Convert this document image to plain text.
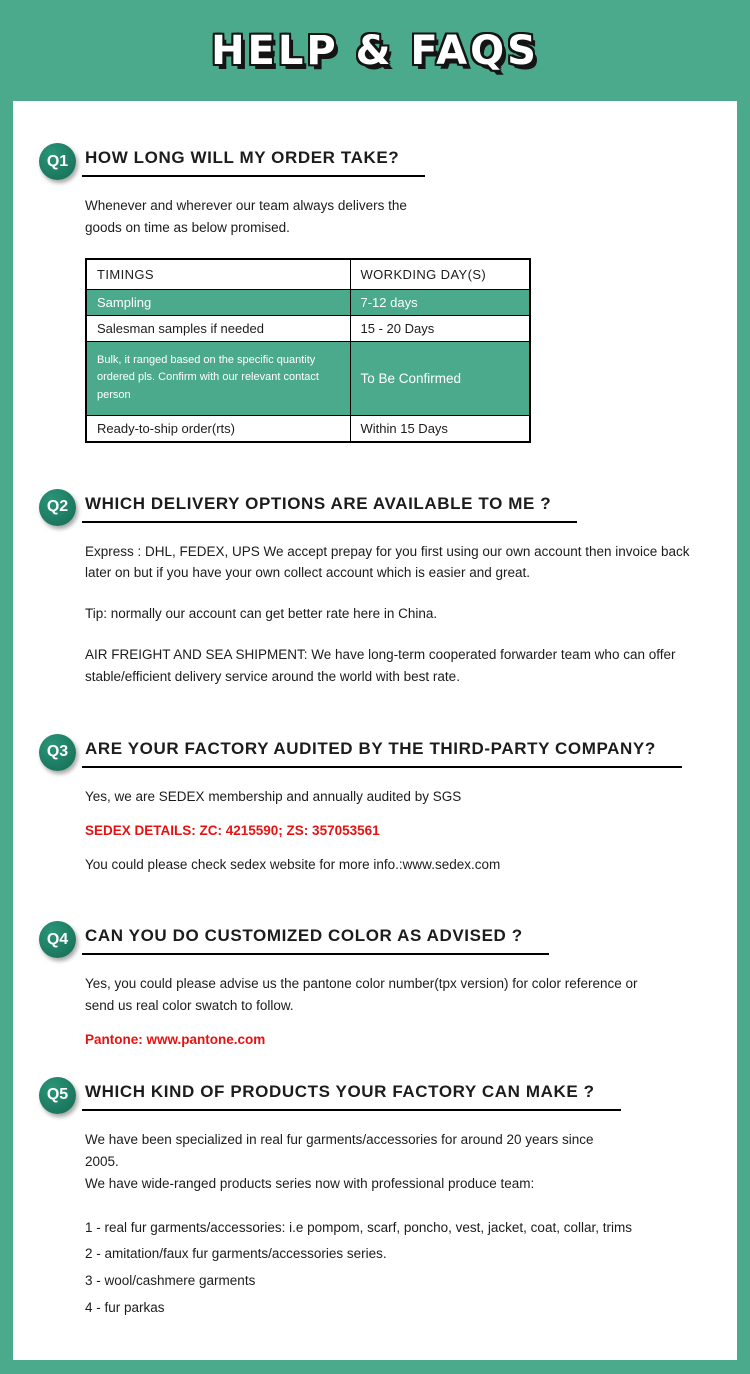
HELP & FAQS
Q1 HOW LONG WILL MY ORDER TAKE?

Whenever and wherever our team always delivers the goods on time as below promised.

TIMINGS	WORKDING DAY(S)
Sampling	7-12 days
Salesman samples if needed	15 - 20 Days
Bulk, it ranged based on the specific quantity ordered pls. Confirm with our relevant contact person	To Be Confirmed
Ready-to-ship order(rts)	Within 15 Days
Q2 WHICH DELIVERY OPTIONS ARE AVAILABLE TO ME ?

Express : DHL, FEDEX, UPS We accept prepay for you first using our own account then invoice back later on but if you have your own collect account which is easier and great.

Tip: normally our account can get better rate here in China.

AIR FREIGHT AND SEA SHIPMENT: We have long-term cooperated forwarder team who can offer stable/efficient delivery service around the world with best rate.

Q3 ARE YOUR FACTORY AUDITED BY THE THIRD-PARTY COMPANY?

Yes, we are SEDEX membership and annually audited by SGS

SEDEX DETAILS: ZC: 4215590; ZS: 357053561

You could please check sedex website for more info.:www.sedex.com

Q4 CAN YOU DO CUSTOMIZED COLOR AS ADVISED ?

Yes, you could please advise us the pantone color number(tpx version) for color reference or send us real color swatch to follow.

Pantone: www.pantone.com

Q5 WHICH KIND OF PRODUCTS YOUR FACTORY CAN MAKE ?

We have been specialized in real fur garments/accessories for around 20 years since 2005.

We have wide-ranged products series now with professional produce team:

1 - real fur garments/accessories: i.e pompom, scarf, poncho, vest, jacket, coat, collar, trims

2 - amitation/faux fur garments/accessories series.

3 - wool/cashmere garments

4 - fur parkas
